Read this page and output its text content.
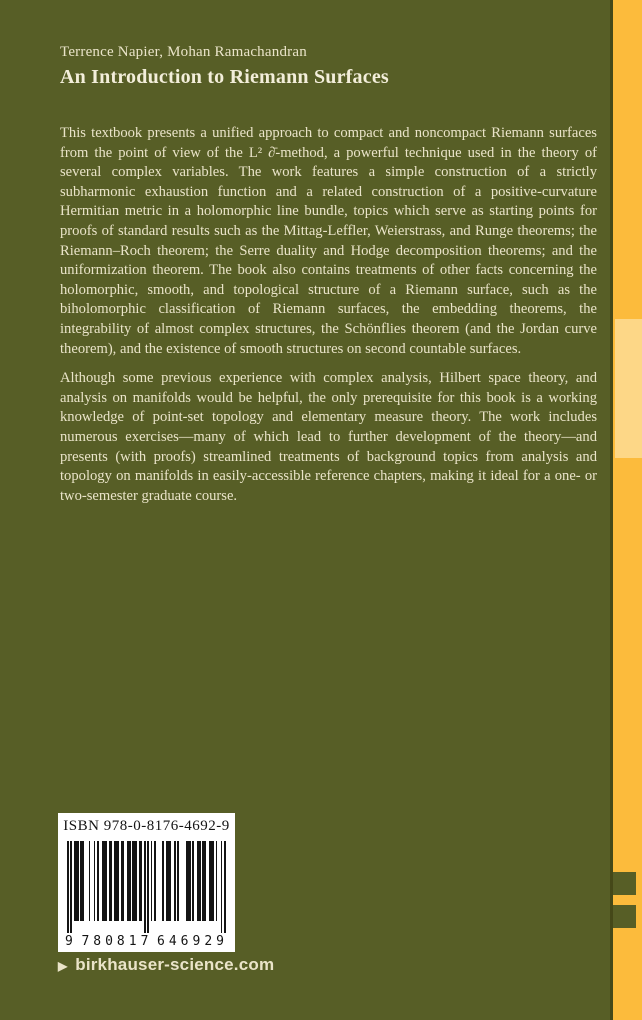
Terrence Napier, Mohan Ramachandran

An Introduction to Riemann Surfaces

This textbook presents a unified approach to compact and noncompact Riemann surfaces from the point of view of the L² ∂̄-method, a powerful technique used in the theory of several complex variables. The work features a simple construction of a strictly subharmonic exhaustion function and a related construction of a positive-curvature Hermitian metric in a holomorphic line bundle, topics which serve as starting points for proofs of standard results such as the Mittag-Leffler, Weierstrass, and Runge theorems; the Riemann–Roch theorem; the Serre duality and Hodge decomposition theorems; and the uniformization theorem. The book also contains treatments of other facts concerning the holomorphic, smooth, and topological structure of a Riemann surface, such as the biholomorphic classification of Riemann surfaces, the embedding theorems, the integrability of almost complex structures, the Schönflies theorem (and the Jordan curve theorem), and the existence of smooth structures on second countable surfaces.

Although some previous experience with complex analysis, Hilbert space theory, and analysis on manifolds would be helpful, the only prerequisite for this book is a working knowledge of point-set topology and elementary measure theory. The work includes numerous exercises—many of which lead to further development of the theory—and presents (with proofs) streamlined treatments of background topics from analysis and topology on manifolds in easily-accessible reference chapters, making it ideal for a one- or two-semester graduate course.

ISBN 978-0-8176-4692-9
9 780817 646929
▶ birkhauser-science.com
